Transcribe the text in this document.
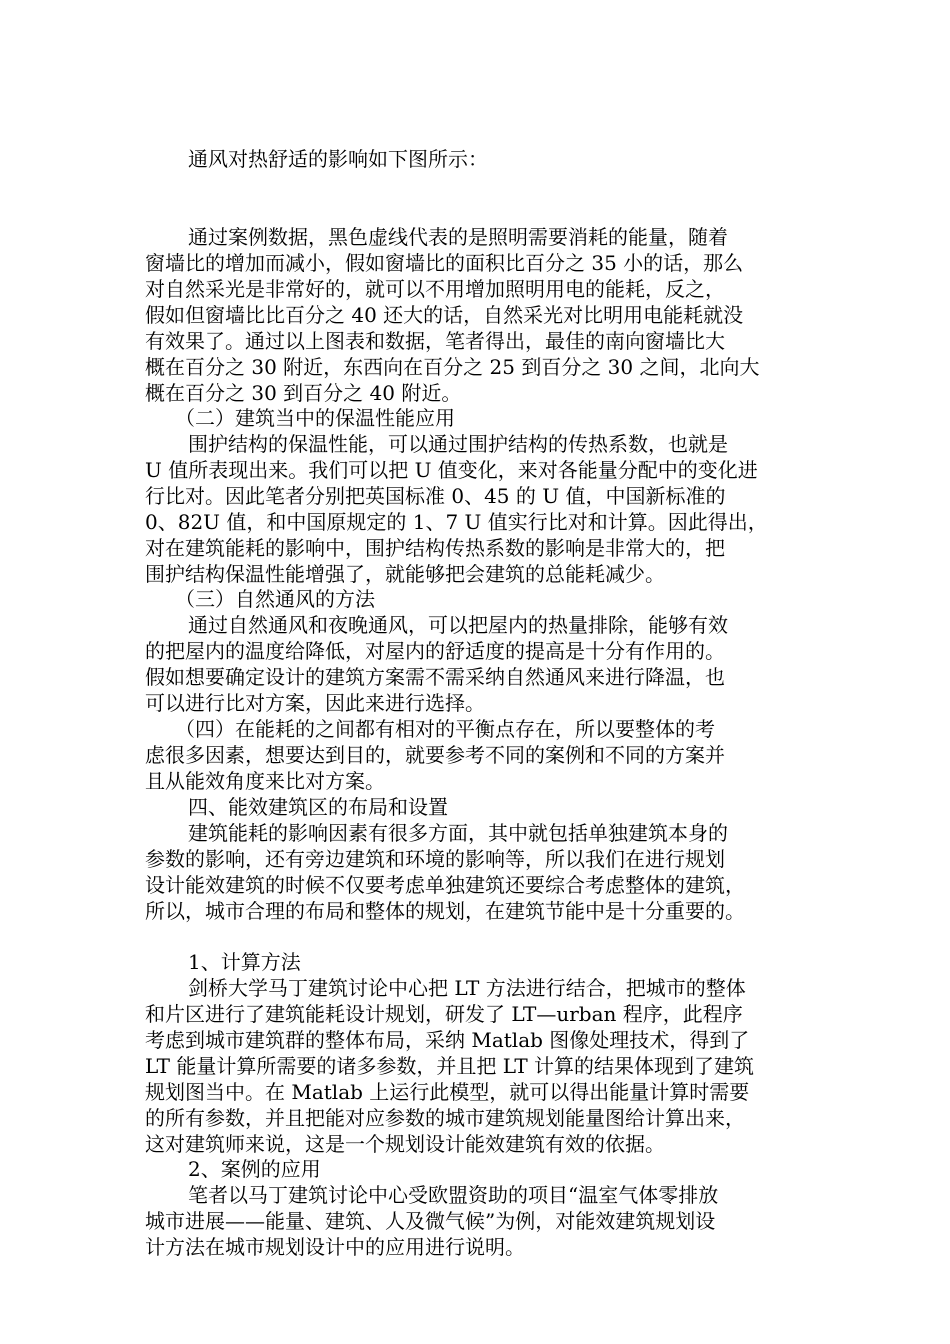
通风对热舒适的影响如下图所示：

通过案例数据，黑色虚线代表的是照明需要消耗的能量，随着

窗墙比的增加而减小，假如窗墙比的面积比百分之 35 小的话，那么

对自然采光是非常好的，就可以不用增加照明用电的能耗，反之，

假如但窗墙比比百分之 40 还大的话，自然采光对比明用电能耗就没

有效果了。通过以上图表和数据，笔者得出，最佳的南向窗墙比大

概在百分之 30 附近，东西向在百分之 25 到百分之 30 之间，北向大

概在百分之 30 到百分之 40 附近。

（二）建筑当中的保温性能应用

围护结构的保温性能，可以通过围护结构的传热系数，也就是

U 值所表现出来。我们可以把 U 值变化，来对各能量分配中的变化进

行比对。因此笔者分别把英国标准 0、45 的 U 值，中国新标准的

0、82U 值，和中国原规定的 1、7 U 值实行比对和计算。因此得出，

对在建筑能耗的影响中，围护结构传热系数的影响是非常大的，把

围护结构保温性能增强了，就能够把会建筑的总能耗减少。

（三）自然通风的方法

通过自然通风和夜晚通风，可以把屋内的热量排除，能够有效

的把屋内的温度给降低，对屋内的舒适度的提高是十分有作用的。

假如想要确定设计的建筑方案需不需采纳自然通风来进行降温，也

可以进行比对方案，因此来进行选择。

（四）在能耗的之间都有相对的平衡点存在，所以要整体的考

虑很多因素，想要达到目的，就要参考不同的案例和不同的方案并

且从能效角度来比对方案。

四、能效建筑区的布局和设置

建筑能耗的影响因素有很多方面，其中就包括单独建筑本身的

参数的影响，还有旁边建筑和环境的影响等，所以我们在进行规划

设计能效建筑的时候不仅要考虑单独建筑还要综合考虑整体的建筑，

所以，城市合理的布局和整体的规划，在建筑节能中是十分重要的。

1、计算方法

剑桥大学马丁建筑讨论中心把 LT 方法进行结合，把城市的整体

和片区进行了建筑能耗设计规划，研发了 LT—urban 程序，此程序

考虑到城市建筑群的整体布局，采纳 Matlab 图像处理技术，得到了

LT 能量计算所需要的诸多参数，并且把 LT 计算的结果体现到了建筑

规划图当中。在 Matlab 上运行此模型，就可以得出能量计算时需要

的所有参数，并且把能对应参数的城市建筑规划能量图给计算出来，

这对建筑师来说，这是一个规划设计能效建筑有效的依据。

2、案例的应用

笔者以马丁建筑讨论中心受欧盟资助的项目“温室气体零排放

城市进展——能量、建筑、人及微气候”为例，对能效建筑规划设

计方法在城市规划设计中的应用进行说明。
